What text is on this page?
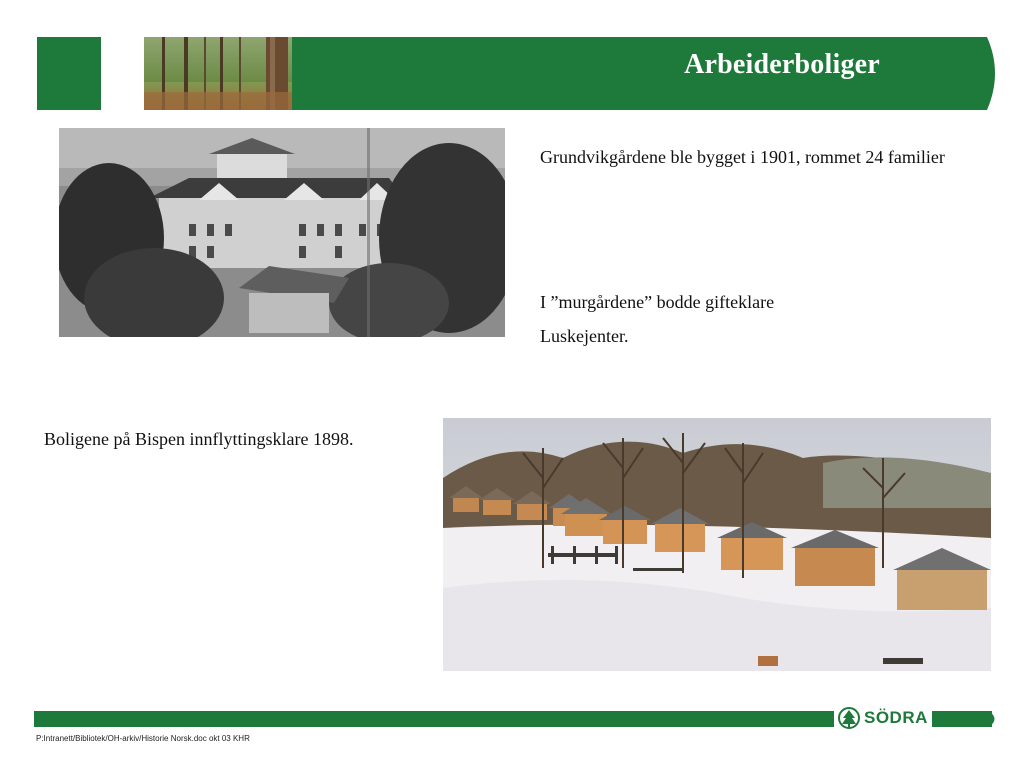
Arbeiderboliger
Grundvikgårdene ble bygget i 1901, rommet 24 familier
I ”murgårdene” bodde gifteklare Luskejenter.
Boligene på Bispen innflyttingsklare 1898.
SÖDRA
P:Intranett/Bibliotek/OH-arkiv/Historie Norsk.doc okt 03 KHR
